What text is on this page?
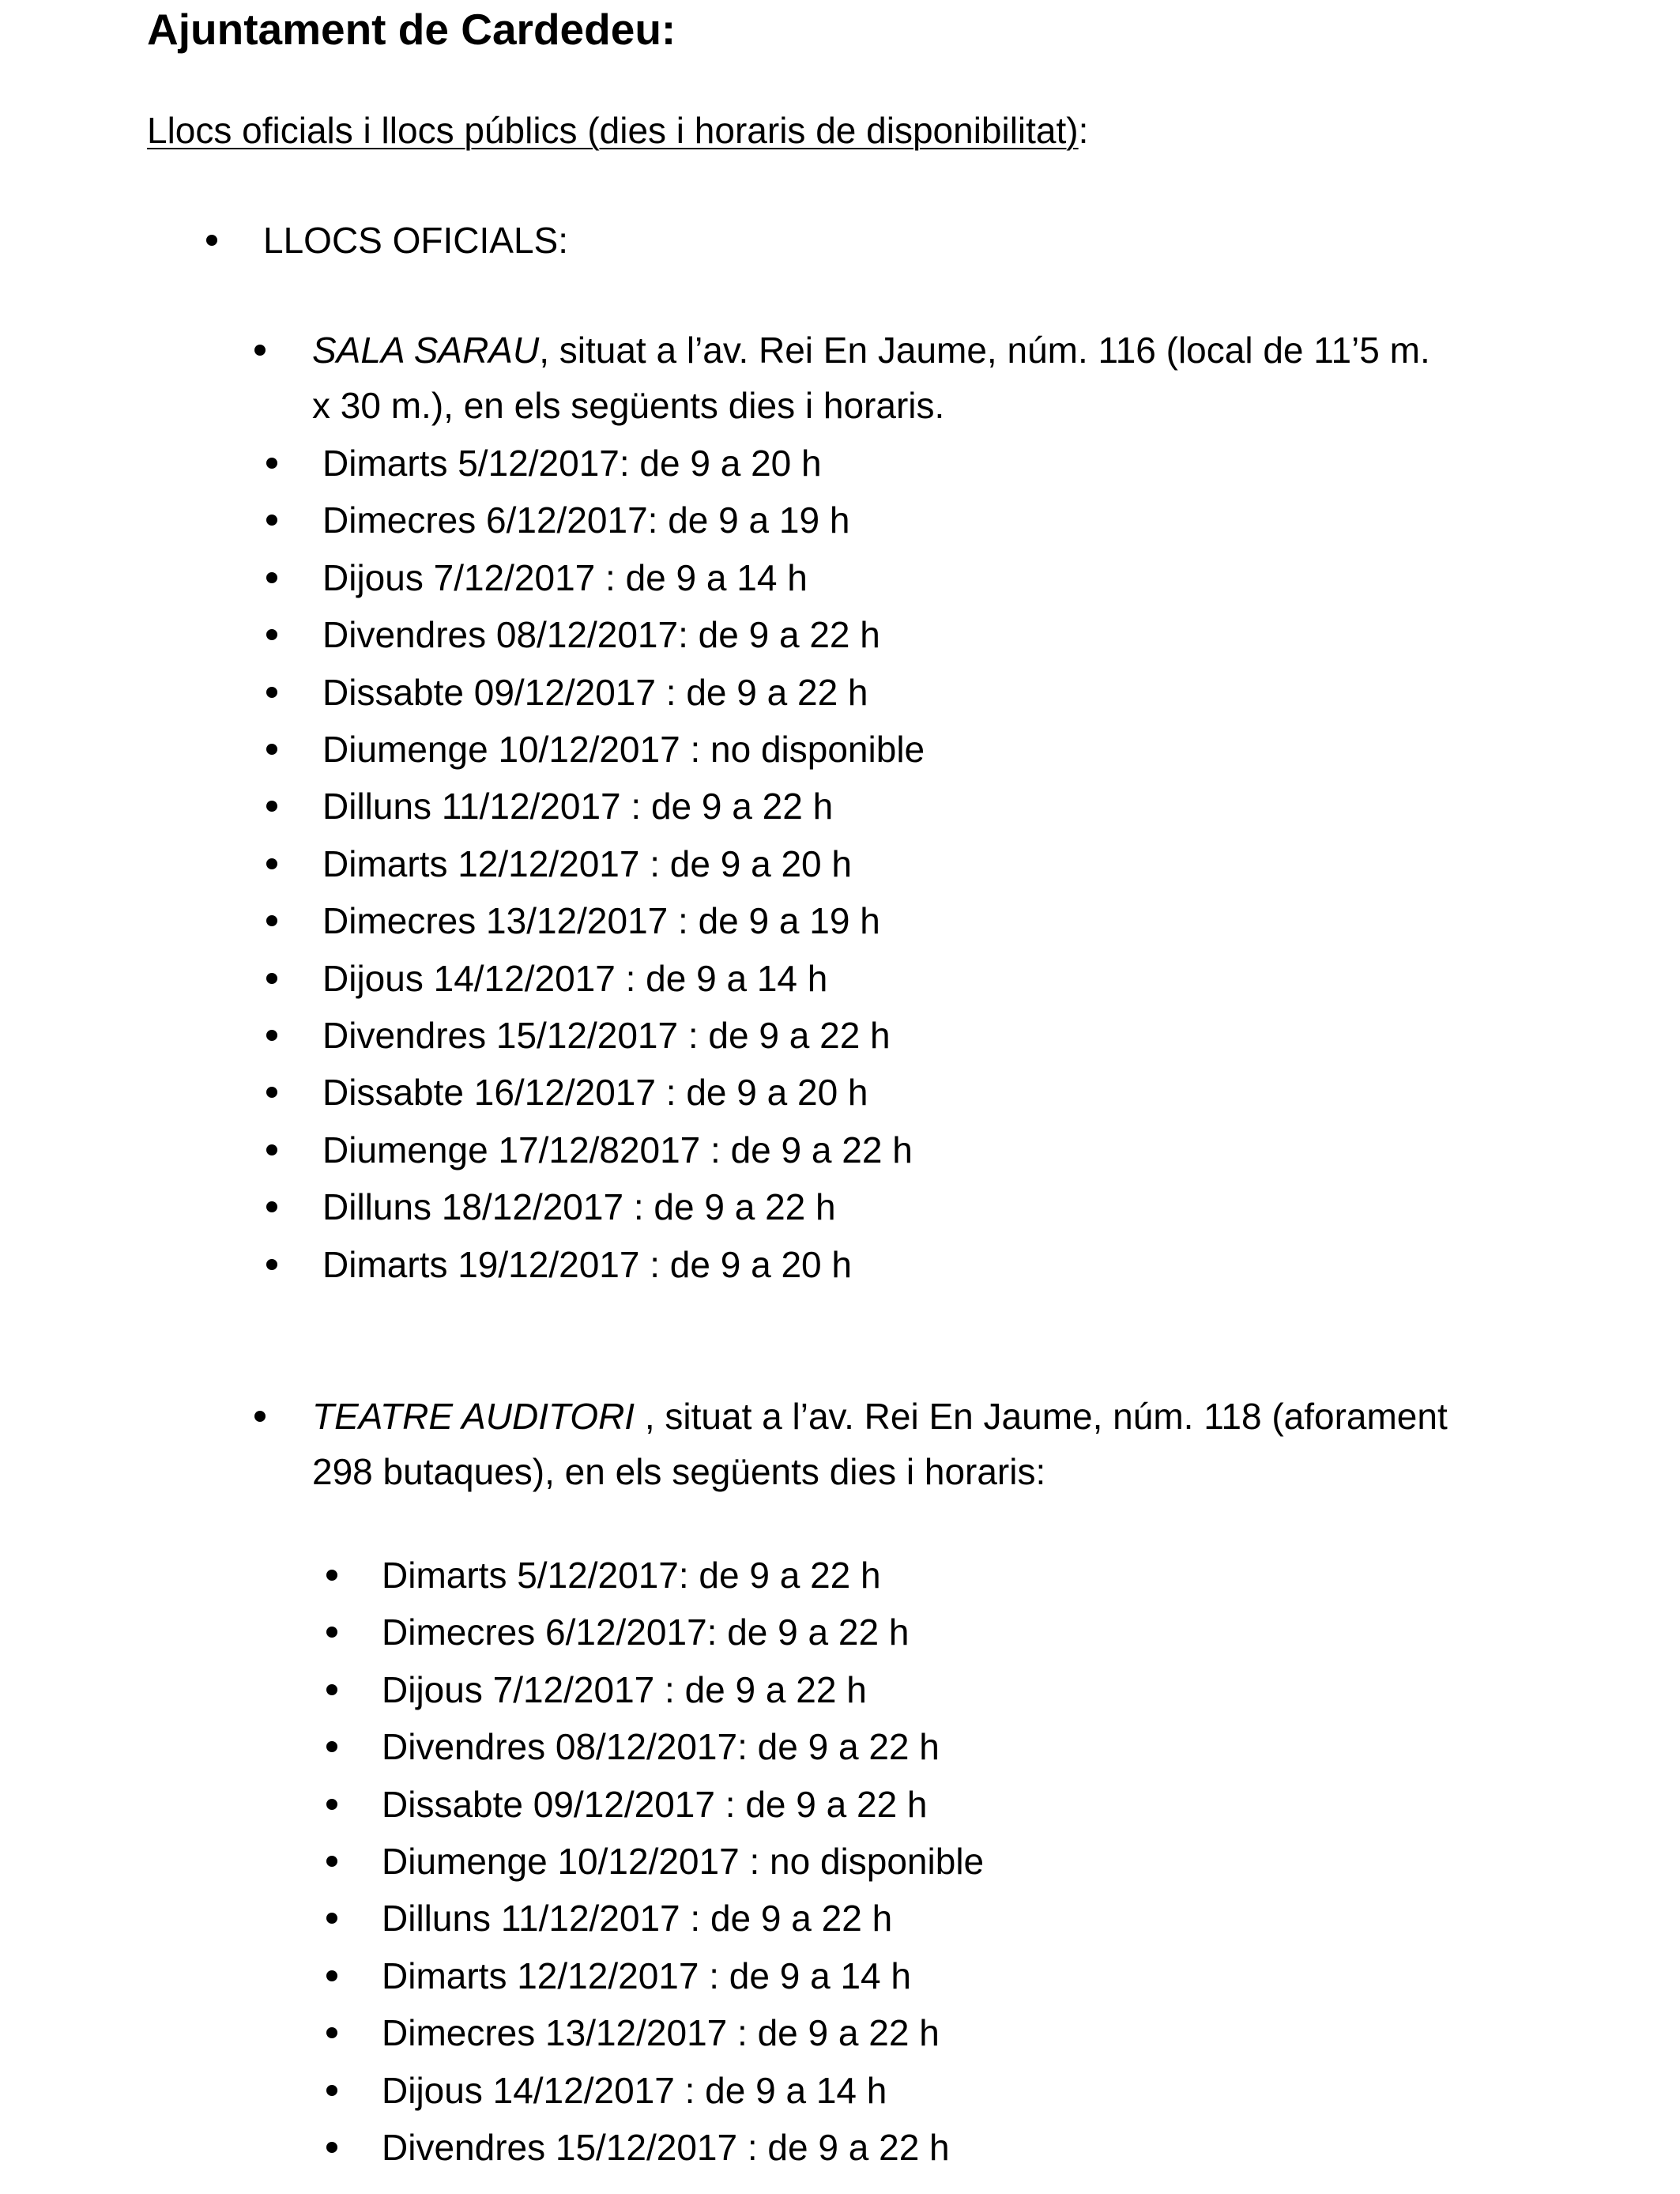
Ajuntament de Cardedeu:
Llocs oficials i llocs públics (dies i horaris de disponibilitat):
LLOCS OFICIALS:
SALA SARAU, situat a l’av. Rei En Jaume, núm. 116 (local de 11’5 m.
x 30 m.), en els següents dies i horaris.
Dimarts 5/12/2017: de 9 a 20 h
Dimecres 6/12/2017: de 9 a 19 h
Dijous 7/12/2017 : de 9 a 14 h
Divendres 08/12/2017: de 9 a 22 h
Dissabte 09/12/2017 : de 9 a 22 h
Diumenge 10/12/2017 : no disponible
Dilluns 11/12/2017 : de 9 a 22 h
Dimarts 12/12/2017 : de 9 a 20 h
Dimecres 13/12/2017 : de 9 a 19 h
Dijous 14/12/2017 : de 9 a 14 h
Divendres 15/12/2017 : de 9 a 22 h
Dissabte 16/12/2017 : de 9 a 20 h
Diumenge 17/12/82017 : de 9 a 22 h
Dilluns 18/12/2017 : de 9 a 22 h
Dimarts 19/12/2017 : de 9 a 20 h
TEATRE AUDITORI , situat a l’av. Rei En Jaume, núm. 118 (aforament
298 butaques), en els següents dies i horaris:
Dimarts 5/12/2017: de 9 a 22 h
Dimecres 6/12/2017: de 9 a 22 h
Dijous 7/12/2017 : de 9 a 22 h
Divendres 08/12/2017: de 9 a 22 h
Dissabte 09/12/2017 : de 9 a 22 h
Diumenge 10/12/2017 : no disponible
Dilluns 11/12/2017 : de 9 a 22 h
Dimarts 12/12/2017 : de 9 a 14 h
Dimecres 13/12/2017 : de 9 a 22 h
Dijous 14/12/2017 : de 9 a 14 h
Divendres 15/12/2017 : de 9 a 22 h
